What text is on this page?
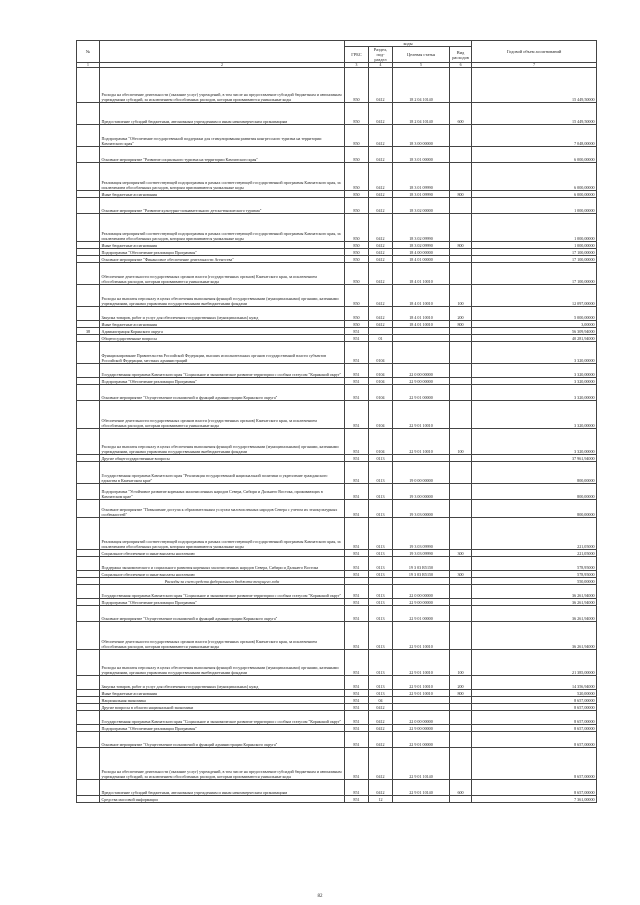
№		коды				Годовой объем ассигнований
		ГРБС	Раздел, под-раздел	Целевая статья	Вид расходов	
1	2	3	4	5	6	7
	Расходы на обеспечение деятельности (оказание услуг) учреждений, в том числе на предоставление субсидий бюджетным и автономным учреждениям субсидий, за исключением обособленных расходов, которым присваиваются уникальные коды	850	0412	18 2 04 10140		15 449,50000
	Предоставление субсидий бюджетным, автономным учреждениям и иным некоммерческим организациям	850	0412	18 2 04 10140	600	15 449,50000
	Подпрограмма "Обеспечение государственной поддержки для стимулирования развития конгрессного туризма на территории Камчатского края"	850	0412	18 3 00 00000		7 048,00000
	Основное мероприятие "Развитие социального туризма на территории Камчатского края"	850	0412	18 3 01 00000		6 000,00000
	Реализация мероприятий соответствующей подпрограммы в рамках соответствующей государственной программы Камчатского края, за исключением обособленных расходов, которым присваиваются уникальные коды	850	0412	18 3 01 09990		6 000,00000
	Иные бюджетные ассигнования	850	0412	18 3 01 09990	800	6 000,00000
	Основное мероприятие "Развитие культурно-познавательного детско-юношеского туризма"	850	0412	18 3 02 00000		1 000,00000
	Реализация мероприятий соответствующей подпрограммы в рамках соответствующей государственной программы Камчатского края, за исключением обособленных расходов, которым присваиваются уникальные коды	850	0412	18 3 02 09990		1 000,00000
	Иные бюджетные ассигнования	850	0412	18 3 02 09990	800	1 000,00000
	Подпрограмма "Обеспечение реализации Программы"	850	0412	18 4 00 00000		17 100,00000
	Основное мероприятие "Финансовое обеспечение деятельности Агентства"	850	0412	18 4 01 00000		17 100,00000
	Обеспечение деятельности государственных органов власти (государственных органов) Камчатского края, за исключением обособленных расходов, которым присваиваются уникальные коды	850	0412	18 4 01 10010		17 100,00000
	Расходы на выплаты персоналу в целях обеспечения выполнения функций государственными (муниципальными) органами, казенными учреждениями, органами управления государственными внебюджетными фондами	850	0412	18 4 01 10010	100	12 097,00000
	Закупка товаров, работ и услуг для обеспечения государственных (муниципальных) нужд	850	0412	18 4 01 10010	200	5 000,00000
	Иные бюджетные ассигнования	850	0412	18 4 01 10010	800	3,00000
38	Администрация Корякского округа	851				56 309,94000
	Общегосударственные вопросы	851	01			40 281,94000
	Функционирование Правительства Российской Федерации, высших исполнительных органов государственной власти субъектов Российской Федерации, местных администраций	851	0104			3 320,00000
	Государственная программа Камчатского края "Социальное и экономическое развитие территории с особым статусом "Корякский округ"	851	0104	22 0 00 00000		3 320,00000
	Подпрограмма "Обеспечение реализации Программы"	851	0104	22 9 00 00000		3 320,00000
	Основное мероприятие "Осуществление полномочий и функций администрации Корякского округа"	851	0104	22 9 01 00000		3 320,00000
	Обеспечение деятельности государственных органов власти (государственных органов) Камчатского края, за исключением обособленных расходов, которым присваиваются уникальные коды	851	0104	22 9 01 10010		3 320,00000
	Расходы на выплаты персоналу в целях обеспечения выполнения функций государственными (муниципальными) органами, казенными учреждениями, органами управления государственными внебюджетными фондами	851	0104	22 9 01 10010	100	3 320,00000
	Другие общегосударственные вопросы	851	0113			37 961,94000
	Государственная программа Камчатского края "Реализация государственной национальной политики и укрепление гражданского единства в Камчатском крае"	851	0113	19 0 00 00000		800,00000
	Подпрограмма "Устойчивое развитие коренных малочисленных народов Севера, Сибири и Дальнего Востока, проживающих в Камчатском крае"	851	0113	19 3 00 00000		800,00000
	Основное мероприятие "Повышение доступа к образовательным услугам малочисленных народов Севера с учетом их этнокультурных особенностей"	851	0113	19 3 03 00000		800,00000
	Реализация мероприятий соответствующей подпрограммы в рамках соответствующей государственной программы Камчатского края, за исключением обособленных расходов, которым присваиваются уникальные коды	851	0113	19 3 03 09990		221,05000
	Социальное обеспечение и иные выплаты населению	851	0113	19 3 03 09990	300	221,05000
	Поддержка экономического и социального развития коренных малочисленных народов Севера, Сибири и Дальнего Востока	851	0113	19 3 03 R5150		578,95000
	Социальное обеспечение и иные выплаты населению	851	0113	19 3 03 R5150	300	578,95000
	Расходы за счет средств федерального бюджета текущего года					550,00000
	Государственная программа Камчатского края "Социальное и экономическое развитие территории с особым статусом "Корякский округ"	851	0113	22 0 00 00000		36 261,94000
	Подпрограмма "Обеспечение реализации Программы"	851	0113	22 9 00 00000		36 261,94000
	Основное мероприятие "Осуществление полномочий и функций администрации Корякского округа"	851	0113	22 9 01 00000		36 261,94000
	Обеспечение деятельности государственных органов власти (государственных органов) Камчатского края, за исключением обособленных расходов, которым присваиваются уникальные коды	851	0113	22 9 01 10010		36 261,94000
	Расходы на выплаты персоналу в целях обеспечения выполнения функций государственными (муниципальными) органами, казенными учреждениями, органами управления государственными внебюджетными фондами	851	0113	22 9 01 10010	100	21 385,00000
	Закупка товаров, работ и услуг для обеспечения государственных (муниципальных) нужд	851	0113	22 9 01 10010	200	14 356,94000
	Иные бюджетные ассигнования	851	0113	22 9 01 10010	800	520,00000
	Национальная экономика	851	04			8 657,00000
	Другие вопросы в области национальной экономики	851	0412			8 657,00000
	Государственная программа Камчатского края "Социальное и экономическое развитие территории с особым статусом "Корякский округ"	851	0412	22 0 00 00000		8 657,00000
	Подпрограмма "Обеспечение реализации Программы"	851	0412	22 9 00 00000		8 657,00000
	Основное мероприятие "Осуществление полномочий и функций администрации Корякского округа"	851	0412	22 9 01 00000		8 657,00000
	Расходы на обеспечение деятельности (оказание услуг) учреждений, в том числе на предоставление субсидий бюджетным и автономным учреждениям субсидий, за исключением обособленных расходов, которым присваиваются уникальные коды	851	0412	22 9 01 10140		8 657,00000
	Предоставление субсидий бюджетным, автономным учреждениям и иным некоммерческим организациям	851	0412	22 9 01 10140	600	8 657,00000
	Средства массовой информации	851	12			7 361,00000
82
